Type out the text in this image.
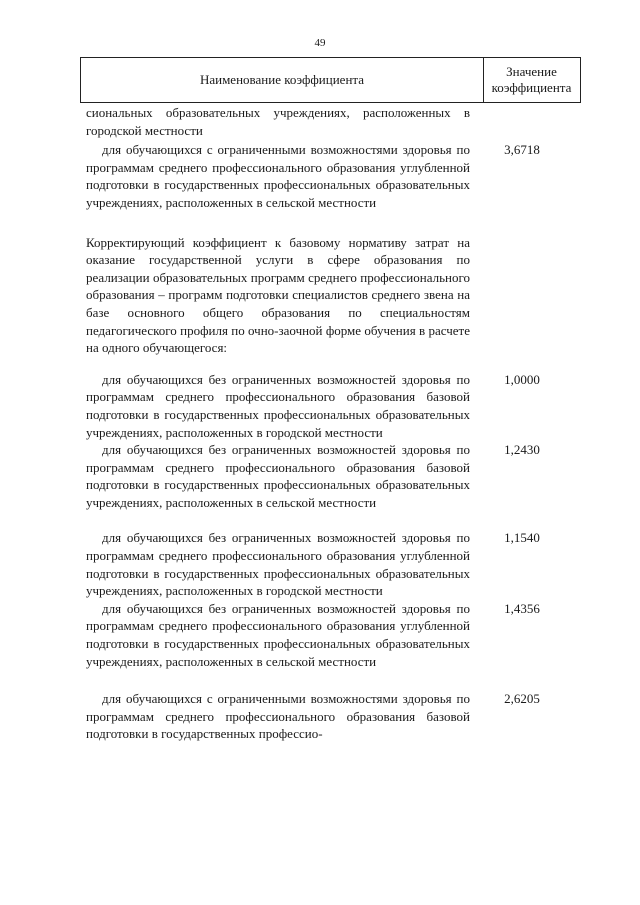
49
Наименование коэффициента
Значение
коэффициента
сиональных образовательных учреждениях, расположенных в городской местности
для обучающихся с ограниченными возможностями здоровья по программам среднего профессионального образования углубленной подготовки в государственных профессиональных образовательных учреждениях, расположенных в сельской местности
3,6718
Корректирующий коэффициент к базовому нормативу затрат на оказание государственной услуги в сфере образования по реализации образовательных программ среднего профессионального образования – программ подготовки специалистов среднего звена на базе основного общего образования по специальностям педагогического профиля по очно-заочной форме обучения в расчете на одного обучающегося:
для обучающихся без ограниченных возможностей здоровья по программам среднего профессионального образования базовой подготовки в государственных профессиональных образовательных учреждениях, расположенных в городской местности
1,0000
для обучающихся без ограниченных возможностей здоровья по программам среднего профессионального образования базовой подготовки в государственных профессиональных образовательных учреждениях, расположенных в сельской местности
1,2430
для обучающихся без ограниченных возможностей здоровья по программам среднего профессионального образования углубленной подготовки в государственных профессиональных образовательных учреждениях, расположенных в городской местности
1,1540
для обучающихся без ограниченных возможностей здоровья по программам среднего профессионального образования углубленной подготовки в государственных профессиональных образовательных учреждениях, расположенных в сельской местности
1,4356
для обучающихся с ограниченными возможностями здоровья по программам среднего профессионального образования базовой подготовки в государственных профессио-
2,6205
